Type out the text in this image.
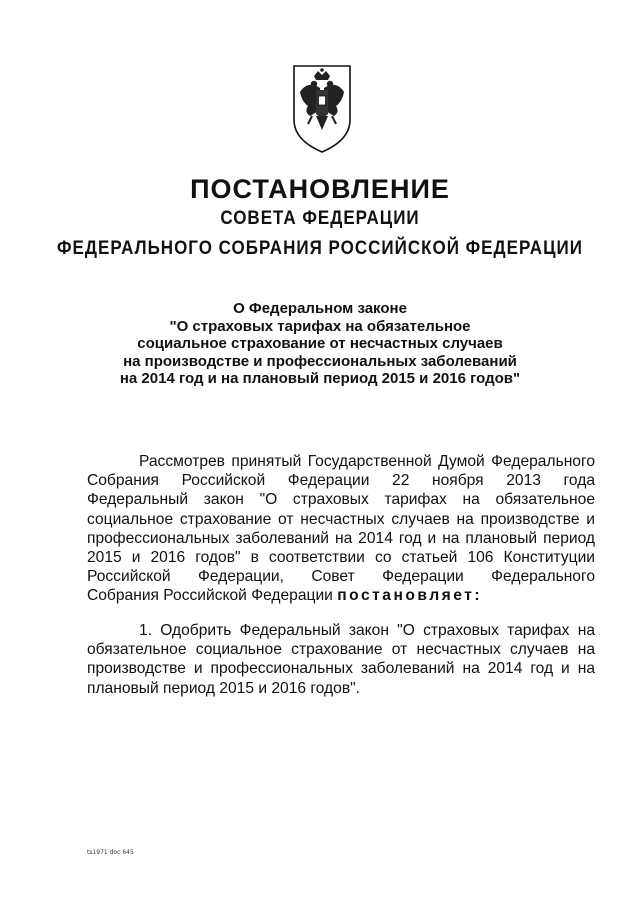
ПОСТАНОВЛЕНИЕ
СОВЕТА ФЕДЕРАЦИИ
ФЕДЕРАЛЬНОГО СОБРАНИЯ РОССИЙСКОЙ ФЕДЕРАЦИИ
О Федеральном законе
"О страховых тарифах на обязательное
социальное страхование от несчастных случаев
на производстве и профессиональных заболеваний
на 2014 год и на плановый период 2015 и 2016 годов"
Рассмотрев принятый Государственной Думой Федерального
Собрания Российской Федерации 22 ноября 2013 года
Федеральный закон "О страховых тарифах на обязательное
социальное страхование от несчастных случаев на производстве и
профессиональных заболеваний на 2014 год и на плановый период
2015 и 2016 годов" в соответствии со статьей 106 Конституции
Российской Федерации, Совет Федерации Федерального
Собрания Российской Федерации постановляет:
1. Одобрить Федеральный закон "О страховых тарифах на
обязательное социальное страхование от несчастных случаев на
производстве и профессиональных заболеваний на 2014 год и на
плановый период 2015 и 2016 годов".
ts1971 doc 645
